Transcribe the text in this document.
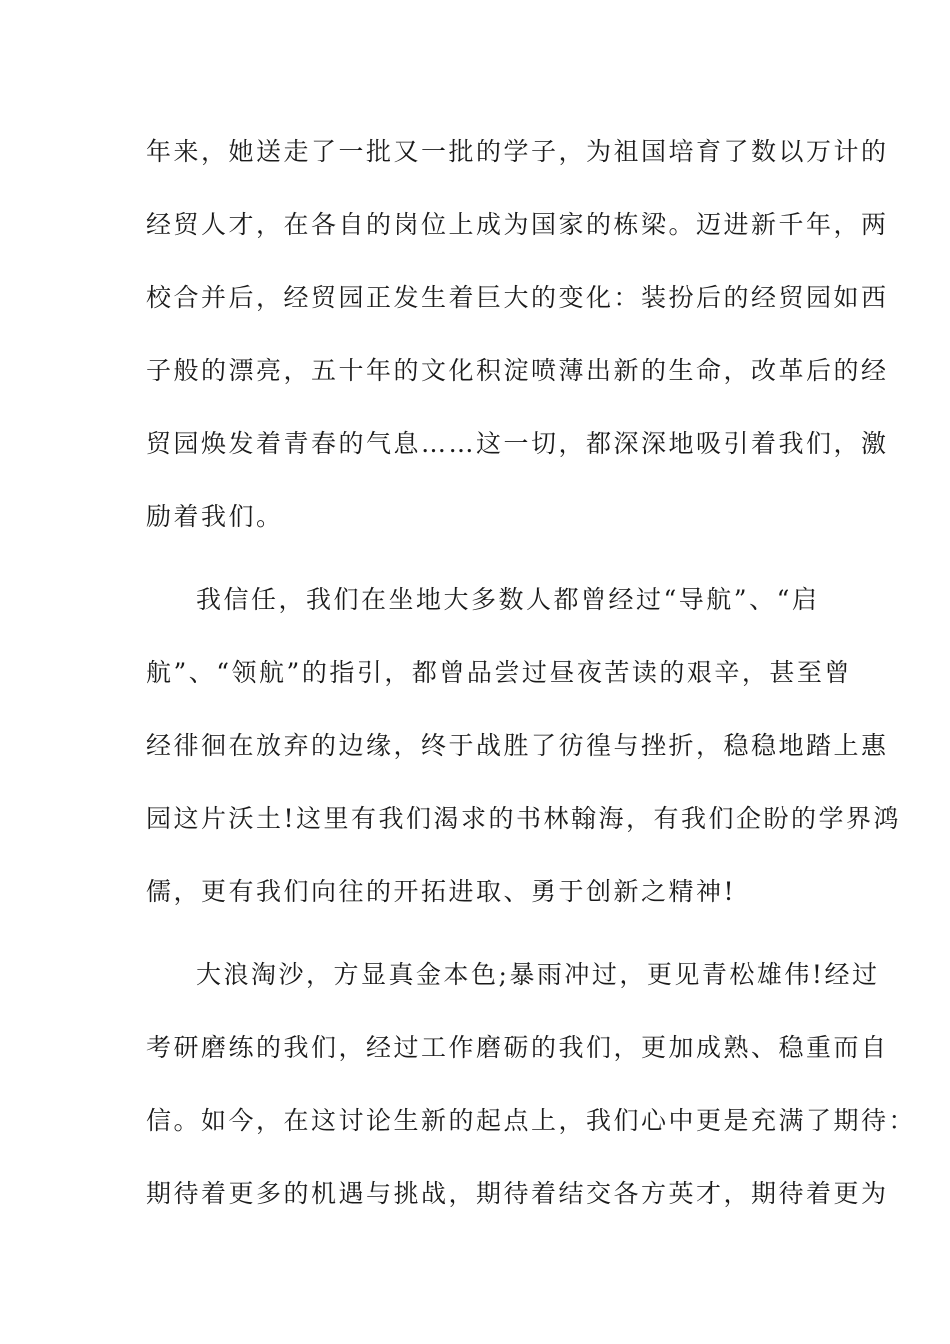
年来，她送走了一批又一批的学子，为祖国培育了数以万计的
经贸人才，在各自的岗位上成为国家的栋梁。迈进新千年，两
校合并后，经贸园正发生着巨大的变化：装扮后的经贸园如西
子般的漂亮，五十年的文化积淀喷薄出新的生命，改革后的经
贸园焕发着青春的气息……这一切，都深深地吸引着我们，激
励着我们。
我信任，我们在坐地大多数人都曾经过“导航”、“启
航”、“领航”的指引，都曾品尝过昼夜苦读的艰辛，甚至曾
经徘徊在放弃的边缘，终于战胜了彷徨与挫折，稳稳地踏上惠
园这片沃土!这里有我们渴求的书林翰海，有我们企盼的学界鸿
儒，更有我们向往的开拓进取、勇于创新之精神!
大浪淘沙，方显真金本色;暴雨冲过，更见青松雄伟!经过
考研磨练的我们，经过工作磨砺的我们，更加成熟、稳重而自
信。如今，在这讨论生新的起点上，我们心中更是充满了期待：
期待着更多的机遇与挑战，期待着结交各方英才，期待着更为
